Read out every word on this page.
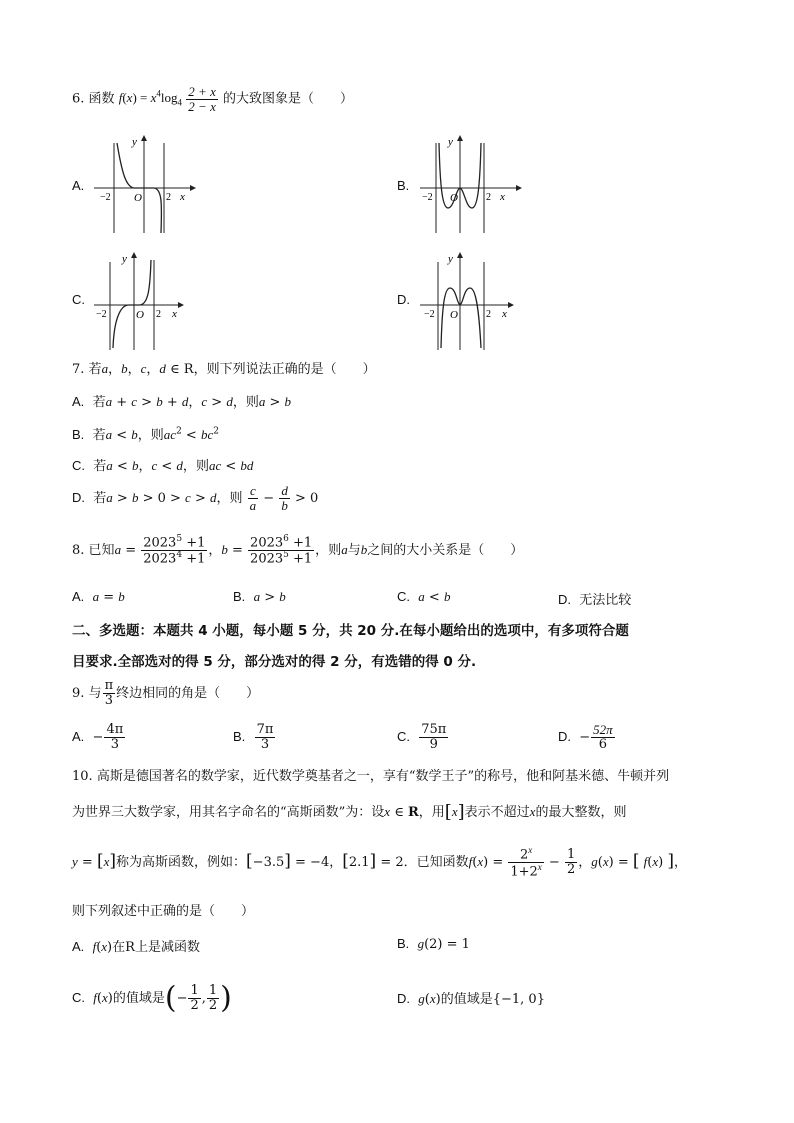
6. 函数 $f(x) = x^4\log_4 \frac{2 + x}{2 - x}$ 的大致图象是（　　）
A.
−2 O 2 x
y
B.
−2 O	2 x
y
C.
−2	O 2 x
y
D.
−2 O	2 x
y
7. 若a，b，c，d ∈ R，则下列说法正确的是（　　）
A. 若a + c > b + d，c > d，则a > b
B. 若a < b，则$ac^2 < bc^2$
C. 若a < b，c < d，则ac < bd
D. 若a > b > 0 > c > d，则 $\frac{c}{a} - \frac{d}{b} > 0$
8. 已知$a = \frac{2023^5 +1}{2023^4 +1}$ ，$b = \frac{2023^6 +1}{2023^5 +1}$ ，则a与b之间的大小关系是（　　）
A. a = b	B. a > b	C. a < b	D. 无法比较
二、多选题：本题共 4 小题，每小题 5 分，共 20 分.在每小题给出的选项中，有多项符合题
目要求.全部选对的得 5 分，部分选对的得 2 分，有选错的得 0 分.
9. 与 $\frac{\pi}{3}$ 终边相同的角是（　　）
A.  − $\frac{4\pi}{3}$	B. $\frac{7\pi}{3}$	C. $\frac{75\pi}{9}$	D.  − $\frac{52\pi}{6}$
10. 高斯是德国著名的数学家，近代数学奠基者之一，享有“数学王子”的称号，他和阿基米德、牛顿并列
为世界三大数学家，用其名字命名的“高斯函数”为：设x ∈ R，用[x]表示不超过x的最大整数，则
y = [x]称为高斯函数，例如：[−3.5] = −4，[2.1] = 2．已知函数$f(x) = \frac{2^x}{1+2^x} - \frac{1}{2}$ ，g(x) = [ f(x) ]，
则下列叙述中正确的是（　　）
A. f(x)在R上是减函数	B. g(2) = 1
C. f(x)的值域是(− $\frac{1}{2}$ , $\frac{1}{2}$ )	D. g(x)的值域是{−1, 0}
